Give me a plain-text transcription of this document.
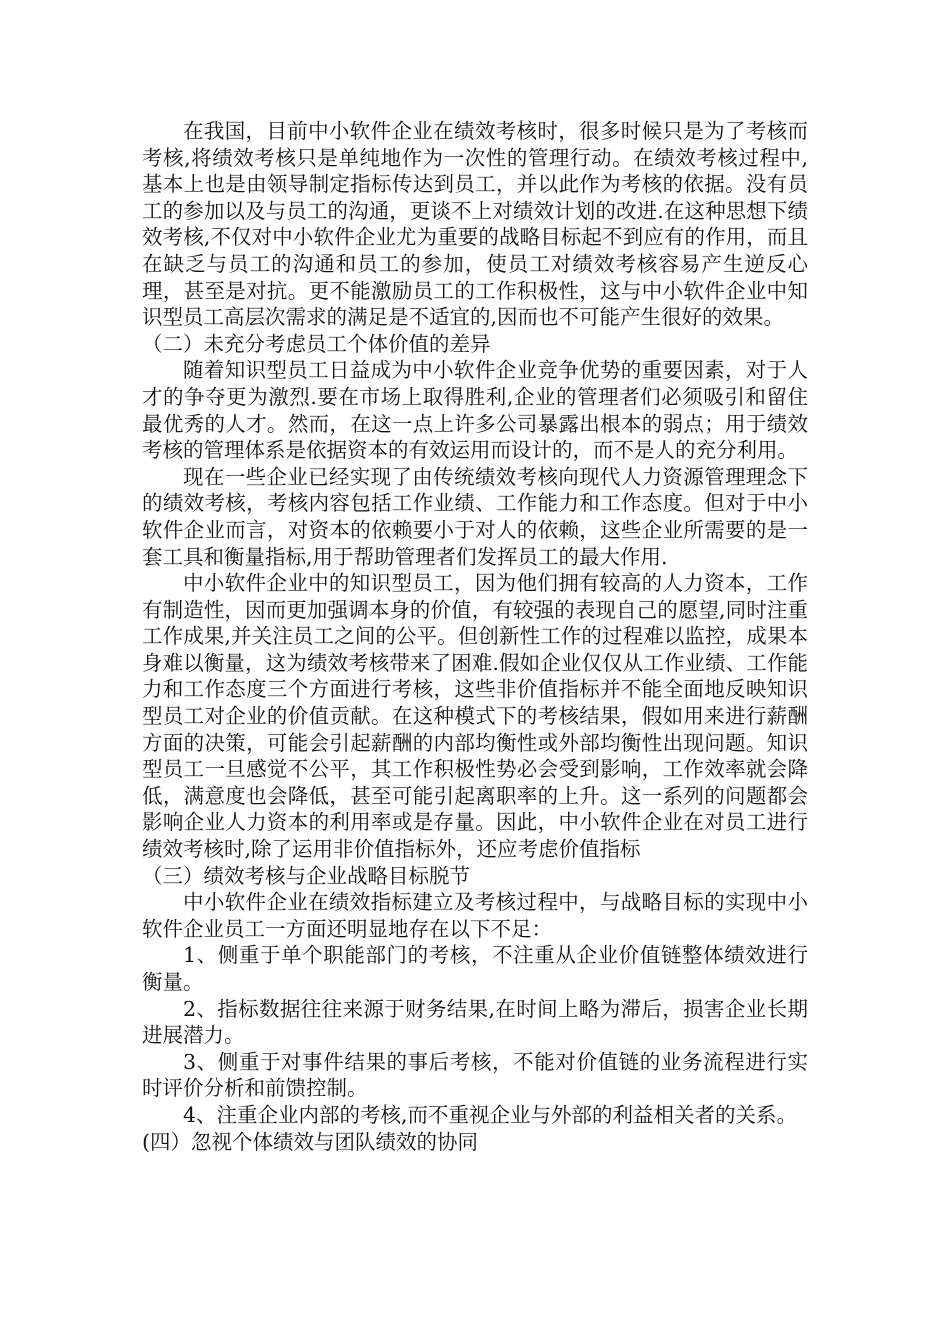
在我国，目前中小软件企业在绩效考核时，很多时候只是为了考核而考核,将绩效考核只是单纯地作为一次性的管理行动。在绩效考核过程中,基本上也是由领导制定指标传达到员工，并以此作为考核的依据。没有员工的参加以及与员工的沟通，更谈不上对绩效计划的改进.在这种思想下绩效考核,不仅对中小软件企业尤为重要的战略目标起不到应有的作用，而且在缺乏与员工的沟通和员工的参加，使员工对绩效考核容易产生逆反心理，甚至是对抗。更不能激励员工的工作积极性，这与中小软件企业中知识型员工高层次需求的满足是不适宜的,因而也不可能产生很好的效果。

（二）未充分考虑员工个体价值的差异

随着知识型员工日益成为中小软件企业竞争优势的重要因素，对于人才的争夺更为激烈.要在市场上取得胜利,企业的管理者们必须吸引和留住最优秀的人才。然而，在这一点上许多公司暴露出根本的弱点；用于绩效考核的管理体系是依据资本的有效运用而设计的，而不是人的充分利用。

现在一些企业已经实现了由传统绩效考核向现代人力资源管理理念下的绩效考核，考核内容包括工作业绩、工作能力和工作态度。但对于中小软件企业而言，对资本的依赖要小于对人的依赖，这些企业所需要的是一套工具和衡量指标,用于帮助管理者们发挥员工的最大作用.

中小软件企业中的知识型员工，因为他们拥有较高的人力资本，工作有制造性，因而更加强调本身的价值，有较强的表现自己的愿望,同时注重工作成果,并关注员工之间的公平。但创新性工作的过程难以监控，成果本身难以衡量，这为绩效考核带来了困难.假如企业仅仅从工作业绩、工作能力和工作态度三个方面进行考核，这些非价值指标并不能全面地反映知识型员工对企业的价值贡献。在这种模式下的考核结果，假如用来进行薪酬方面的决策，可能会引起薪酬的内部均衡性或外部均衡性出现问题。知识型员工一旦感觉不公平，其工作积极性势必会受到影响，工作效率就会降低，满意度也会降低，甚至可能引起离职率的上升。这一系列的问题都会影响企业人力资本的利用率或是存量。因此，中小软件企业在对员工进行绩效考核时,除了运用非价值指标外，还应考虑价值指标

（三）绩效考核与企业战略目标脱节

中小软件企业在绩效指标建立及考核过程中，与战略目标的实现中小软件企业员工一方面还明显地存在以下不足：

1、侧重于单个职能部门的考核，不注重从企业价值链整体绩效进行衡量。

2、指标数据往往来源于财务结果,在时间上略为滞后，损害企业长期进展潜力。

3、侧重于对事件结果的事后考核，不能对价值链的业务流程进行实时评价分析和前馈控制。

4、注重企业内部的考核,而不重视企业与外部的利益相关者的关系。

(四）忽视个体绩效与团队绩效的协同
